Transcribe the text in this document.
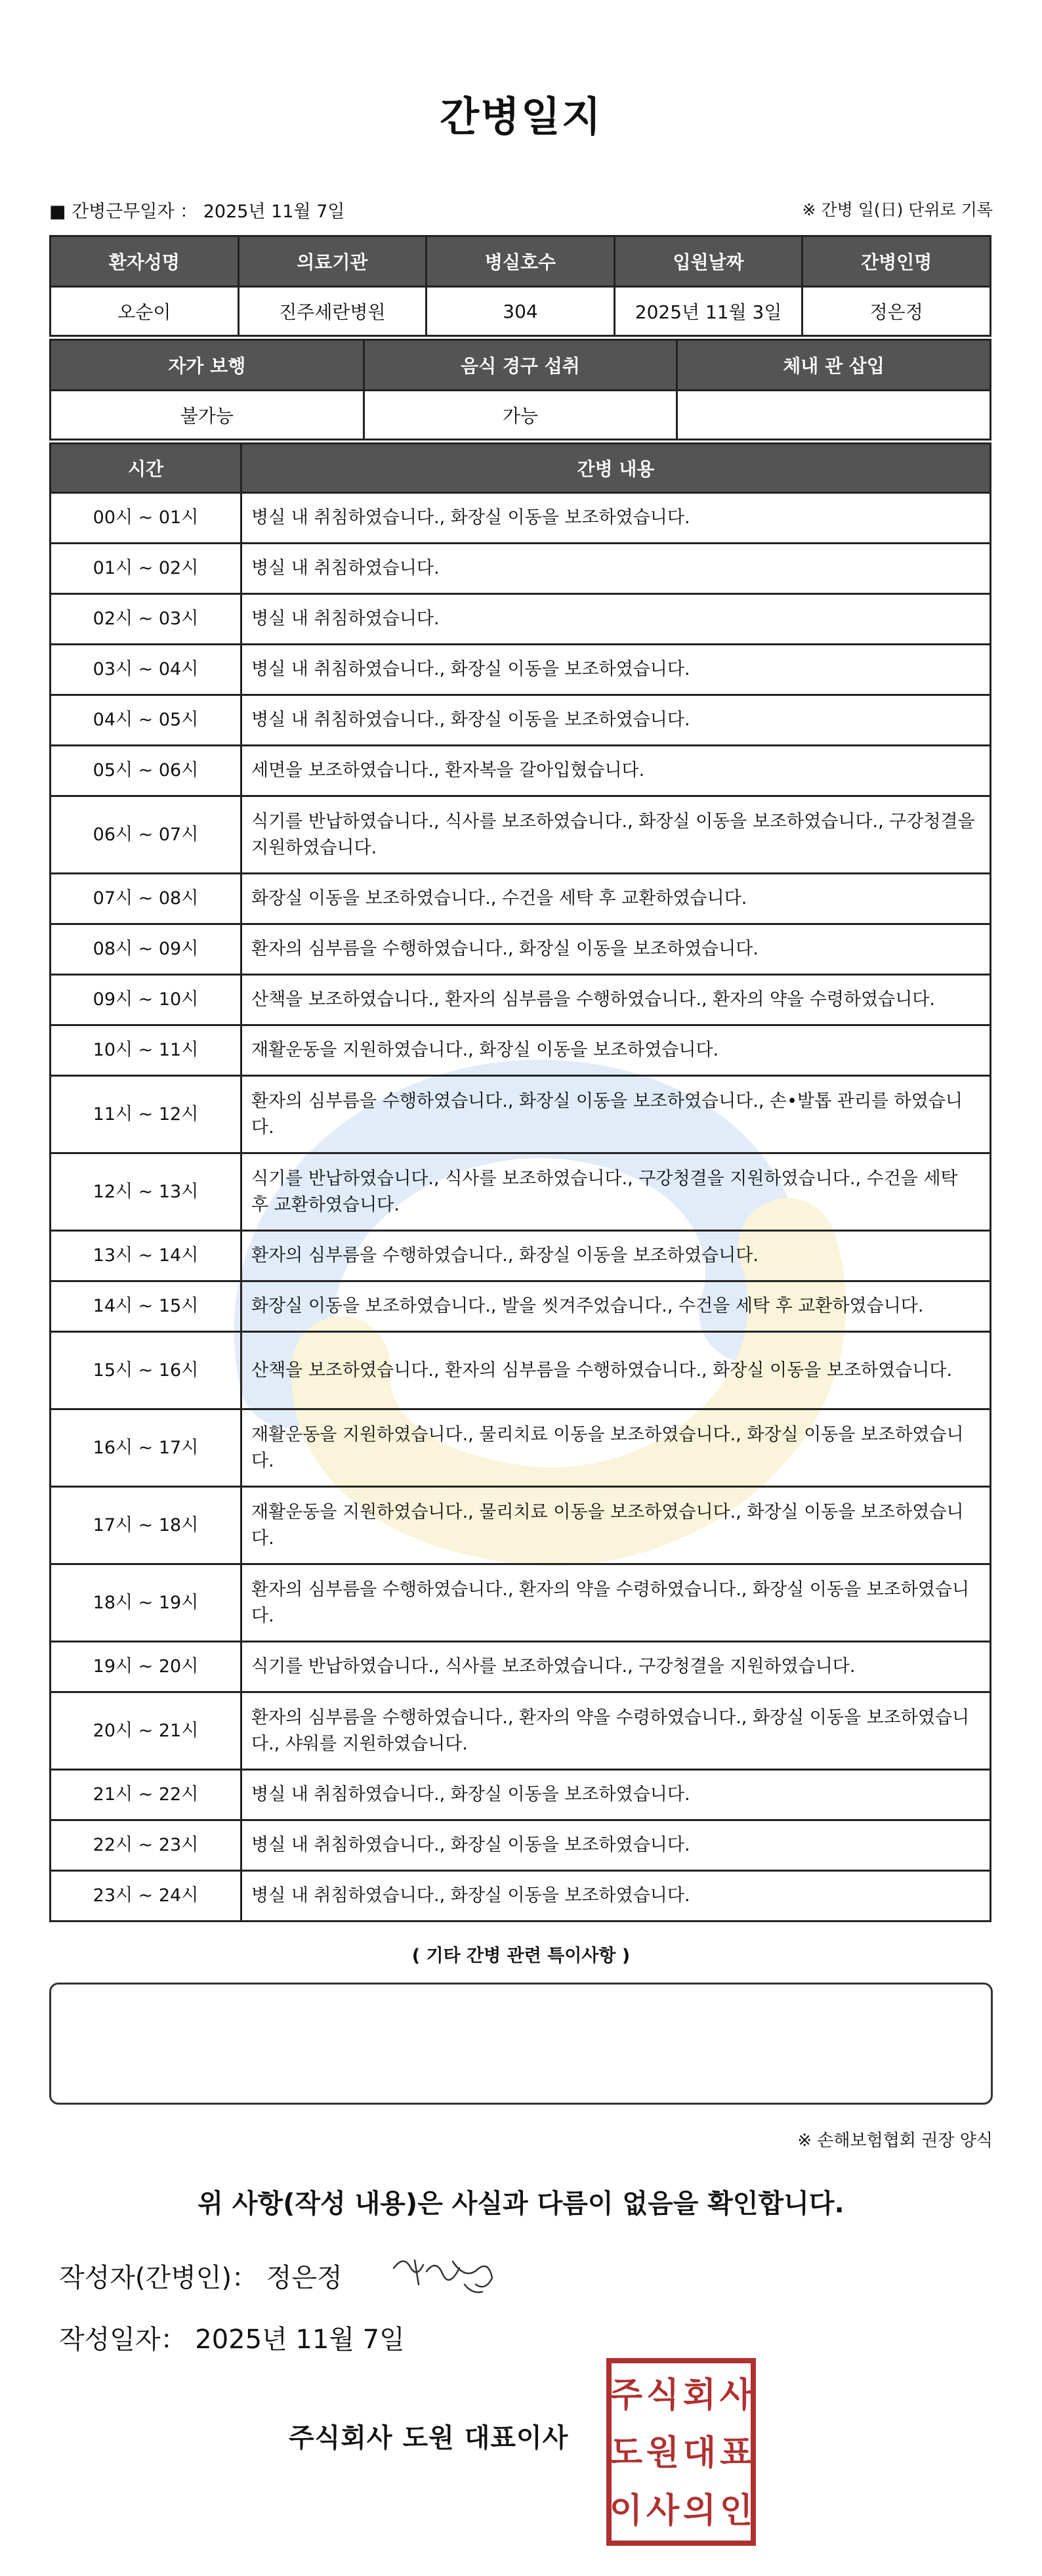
간병일지
■ 간병근무일자 ： 2025년 11월 7일	※ 간병 일(日) 단위로 기록
환자성명	의료기관	병실호수	입원날짜	간병인명
오순이	진주세란병원	304	2025년 11월 3일	정은정
자가 보행	음식 경구 섭취	체내 관 삽입
불가능	가능	
시간	간병 내용
00시 ~ 01시	병실 내 취침하였습니다., 화장실 이동을 보조하였습니다.
01시 ~ 02시	병실 내 취침하였습니다.
02시 ~ 03시	병실 내 취침하였습니다.
03시 ~ 04시	병실 내 취침하였습니다., 화장실 이동을 보조하였습니다.
04시 ~ 05시	병실 내 취침하였습니다., 화장실 이동을 보조하였습니다.
05시 ~ 06시	세면을 보조하였습니다., 환자복을 갈아입혔습니다.
06시 ~ 07시	식기를 반납하였습니다., 식사를 보조하였습니다., 화장실 이동을 보조하였습니다., 구강청결을 지원하였습니다.
07시 ~ 08시	화장실 이동을 보조하였습니다., 수건을 세탁 후 교환하였습니다.
08시 ~ 09시	환자의 심부름을 수행하였습니다., 화장실 이동을 보조하였습니다.
09시 ~ 10시	산책을 보조하였습니다., 환자의 심부름을 수행하였습니다., 환자의 약을 수령하였습니다.
10시 ~ 11시	재활운동을 지원하였습니다., 화장실 이동을 보조하였습니다.
11시 ~ 12시	환자의 심부름을 수행하였습니다., 화장실 이동을 보조하였습니다., 손•발톱 관리를 하였습니다.
12시 ~ 13시	식기를 반납하였습니다., 식사를 보조하였습니다., 구강청결을 지원하였습니다., 수건을 세탁 후 교환하였습니다.
13시 ~ 14시	환자의 심부름을 수행하였습니다., 화장실 이동을 보조하였습니다.
14시 ~ 15시	화장실 이동을 보조하였습니다., 발을 씻겨주었습니다., 수건을 세탁 후 교환하였습니다.
15시 ~ 16시	산책을 보조하였습니다., 환자의 심부름을 수행하였습니다., 화장실 이동을 보조하였습니다.
16시 ~ 17시	재활운동을 지원하였습니다., 물리치료 이동을 보조하였습니다., 화장실 이동을 보조하였습니다.
17시 ~ 18시	재활운동을 지원하였습니다., 물리치료 이동을 보조하였습니다., 화장실 이동을 보조하였습니다.
18시 ~ 19시	환자의 심부름을 수행하였습니다., 환자의 약을 수령하였습니다., 화장실 이동을 보조하였습니다.
19시 ~ 20시	식기를 반납하였습니다., 식사를 보조하였습니다., 구강청결을 지원하였습니다.
20시 ~ 21시	환자의 심부름을 수행하였습니다., 환자의 약을 수령하였습니다., 화장실 이동을 보조하였습니다., 샤워를 지원하였습니다.
21시 ~ 22시	병실 내 취침하였습니다., 화장실 이동을 보조하였습니다.
22시 ~ 23시	병실 내 취침하였습니다., 화장실 이동을 보조하였습니다.
23시 ~ 24시	병실 내 취침하였습니다., 화장실 이동을 보조하였습니다.
( 기타 간병 관련 특이사항 )
※ 손해보험협회 권장 양식
위 사항(작성 내용)은 사실과 다름이 없음을 확인합니다.
작성자(간병인)： 정은정
작성일자： 2025년 11월 7일
주식회사 도원 대표이사
주 식 회 사
도 원 대 표
이 사 의 인
